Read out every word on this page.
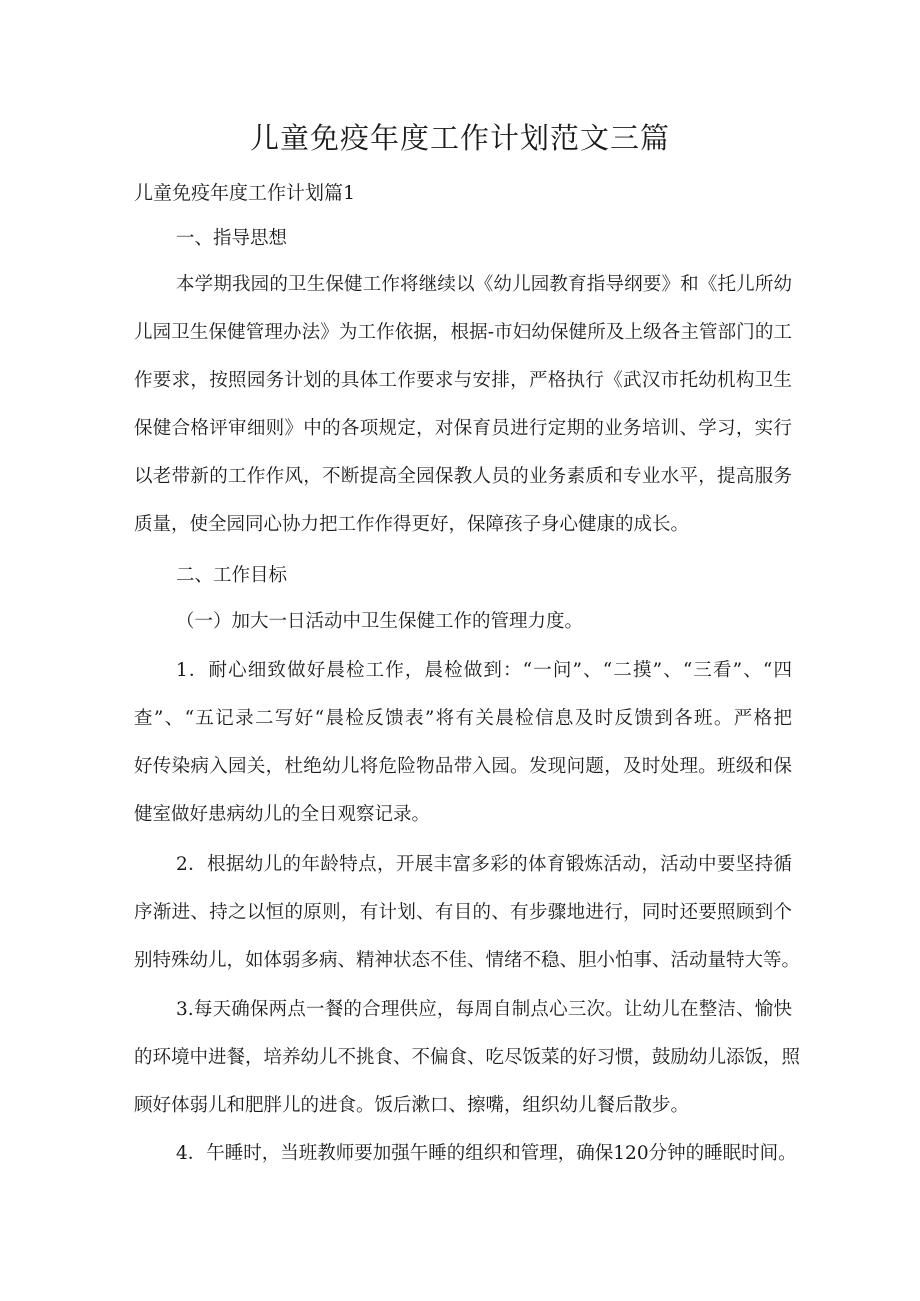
儿童免疫年度工作计划范文三篇
儿童免疫年度工作计划篇1

一、指导思想

本学期我园的卫生保健工作将继续以《幼儿园教育指导纲要》和《托儿所幼

儿园卫生保健管理办法》为工作依据，根据-市妇幼保健所及上级各主管部门的工

作要求，按照园务计划的具体工作要求与安排，严格执行《武汉市托幼机构卫生

保健合格评审细则》中的各项规定，对保育员进行定期的业务培训、学习，实行

以老带新的工作作风，不断提高全园保教人员的业务素质和专业水平，提高服务

质量，使全园同心协力把工作作得更好，保障孩子身心健康的成长。

二、工作目标

（一）加大一日活动中卫生保健工作的管理力度。

1．耐心细致做好晨检工作，晨检做到：“一问”、“二摸”、“三看”、“四

查”、“五记录二写好“晨检反馈表”将有关晨检信息及时反馈到各班。严格把

好传染病入园关，杜绝幼儿将危险物品带入园。发现问题，及时处理。班级和保

健室做好患病幼儿的全日观察记录。

2．根据幼儿的年龄特点，开展丰富多彩的体育锻炼活动，活动中要坚持循

序渐进、持之以恒的原则，有计划、有目的、有步骤地进行，同时还要照顾到个

别特殊幼儿，如体弱多病、精神状态不佳、情绪不稳、胆小怕事、活动量特大等。

3.每天确保两点一餐的合理供应，每周自制点心三次。让幼儿在整洁、愉快

的环境中进餐，培养幼儿不挑食、不偏食、吃尽饭菜的好习惯，鼓励幼儿添饭，照

顾好体弱儿和肥胖儿的进食。饭后漱口、擦嘴，组织幼儿餐后散步。

4．午睡时，当班教师要加强午睡的组织和管理，确保120分钟的睡眠时间。
